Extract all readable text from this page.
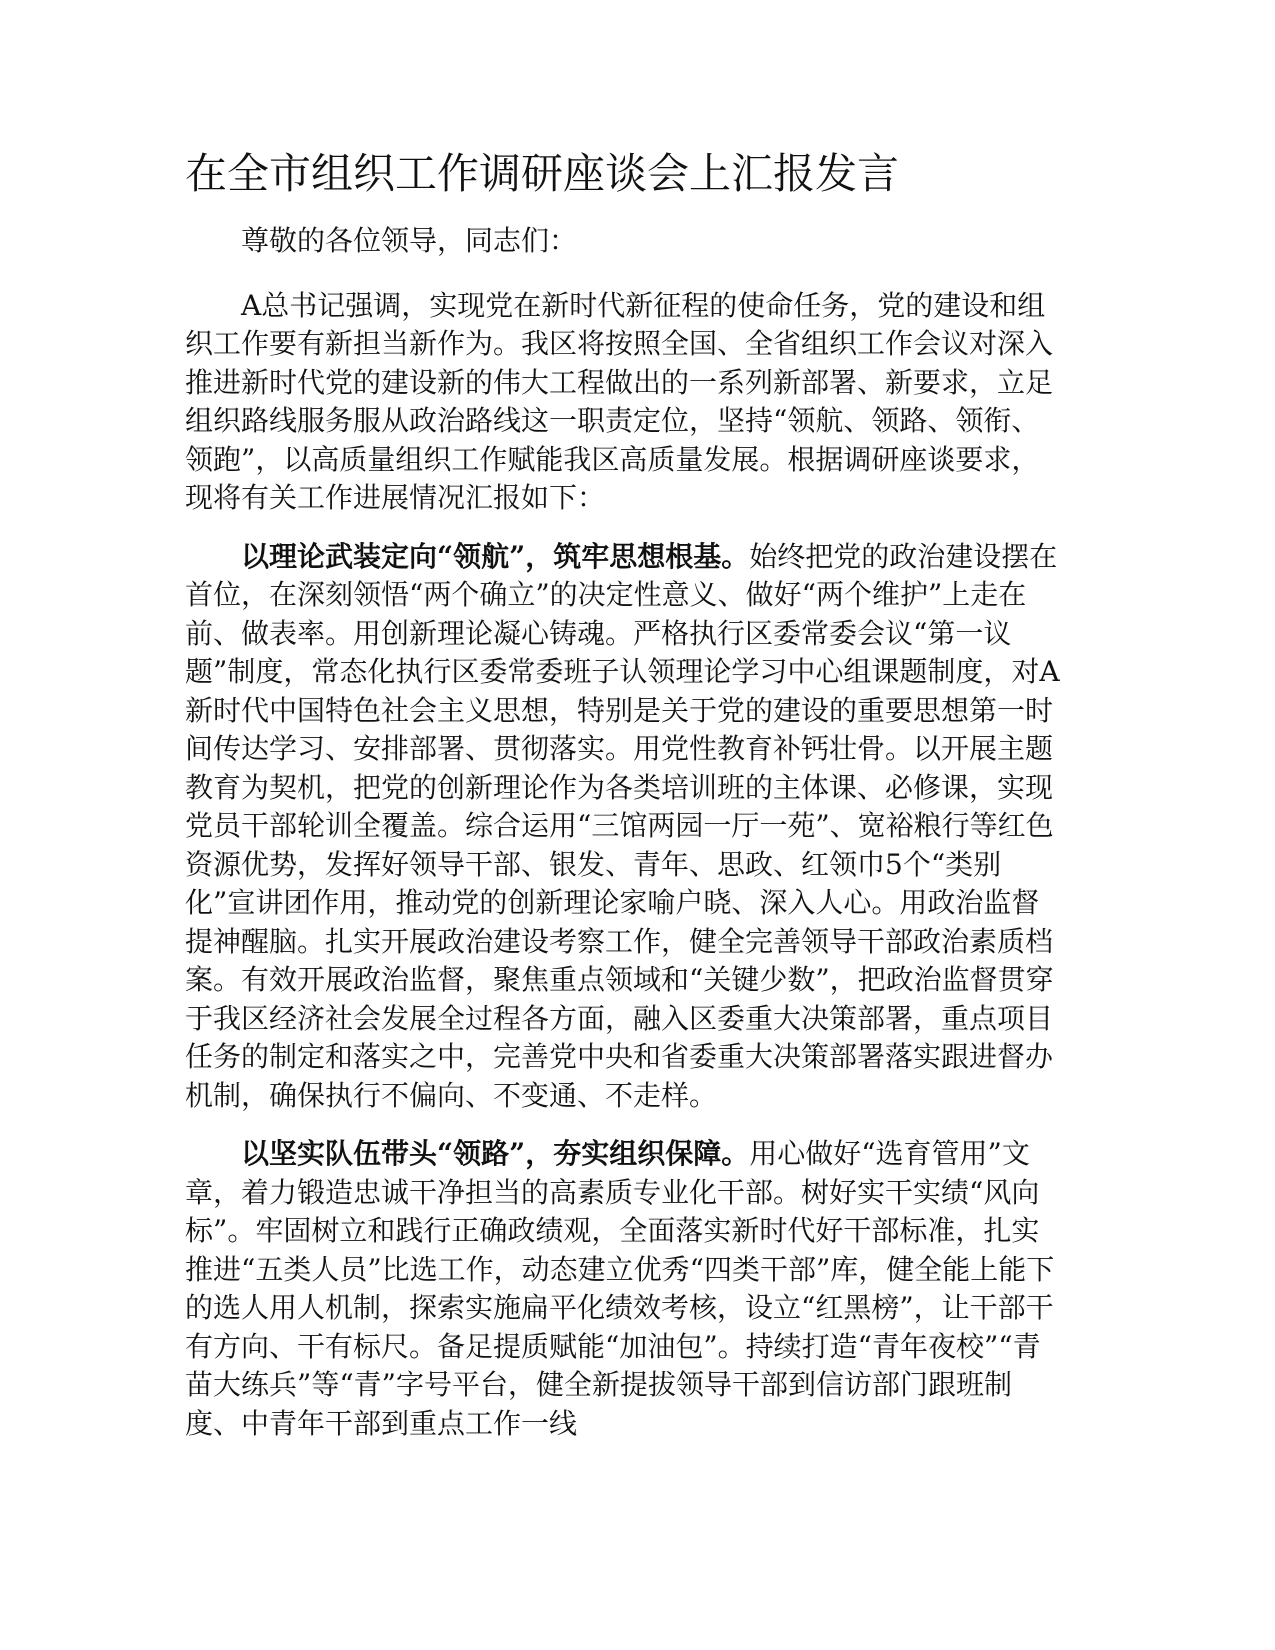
在全市组织工作调研座谈会上汇报发言

尊敬的各位领导，同志们：

A总书记强调，实现党在新时代新征程的使命任务，党的建设和组织工作要有新担当新作为。我区将按照全国、全省组织工作会议对深入推进新时代党的建设新的伟大工程做出的一系列新部署、新要求，立足组织路线服务服从政治路线这一职责定位，坚持“领航、领路、领衔、领跑”，以高质量组织工作赋能我区高质量发展。根据调研座谈要求，现将有关工作进展情况汇报如下：

以理论武装定向“领航”，筑牢思想根基。始终把党的政治建设摆在首位，在深刻领悟“两个确立”的决定性意义、做好“两个维护”上走在前、做表率。用创新理论凝心铸魂。严格执行区委常委会议“第一议题”制度，常态化执行区委常委班子认领理论学习中心组课题制度，对A新时代中国特色社会主义思想，特别是关于党的建设的重要思想第一时间传达学习、安排部署、贯彻落实。用党性教育补钙壮骨。以开展主题教育为契机，把党的创新理论作为各类培训班的主体课、必修课，实现党员干部轮训全覆盖。综合运用“三馆两园一厅一苑”、宽裕粮行等红色资源优势，发挥好领导干部、银发、青年、思政、红领巾5个“类别化”宣讲团作用，推动党的创新理论家喻户晓、深入人心。用政治监督提神醒脑。扎实开展政治建设考察工作，健全完善领导干部政治素质档案。有效开展政治监督，聚焦重点领域和“关键少数”，把政治监督贯穿于我区经济社会发展全过程各方面，融入区委重大决策部署，重点项目任务的制定和落实之中，完善党中央和省委重大决策部署落实跟进督办机制，确保执行不偏向、不变通、不走样。

以坚实队伍带头“领路”，夯实组织保障。用心做好“选育管用”文章，着力锻造忠诚干净担当的高素质专业化干部。树好实干实绩“风向标”。牢固树立和践行正确政绩观，全面落实新时代好干部标准，扎实推进“五类人员”比选工作，动态建立优秀“四类干部”库，健全能上能下的选人用人机制，探索实施扁平化绩效考核，设立“红黑榜”，让干部干有方向、干有标尺。备足提质赋能“加油包”。持续打造“青年夜校”“青苗大练兵”等“青”字号平台，健全新提拔领导干部到信访部门跟班制度、中青年干部到重点工作一线
